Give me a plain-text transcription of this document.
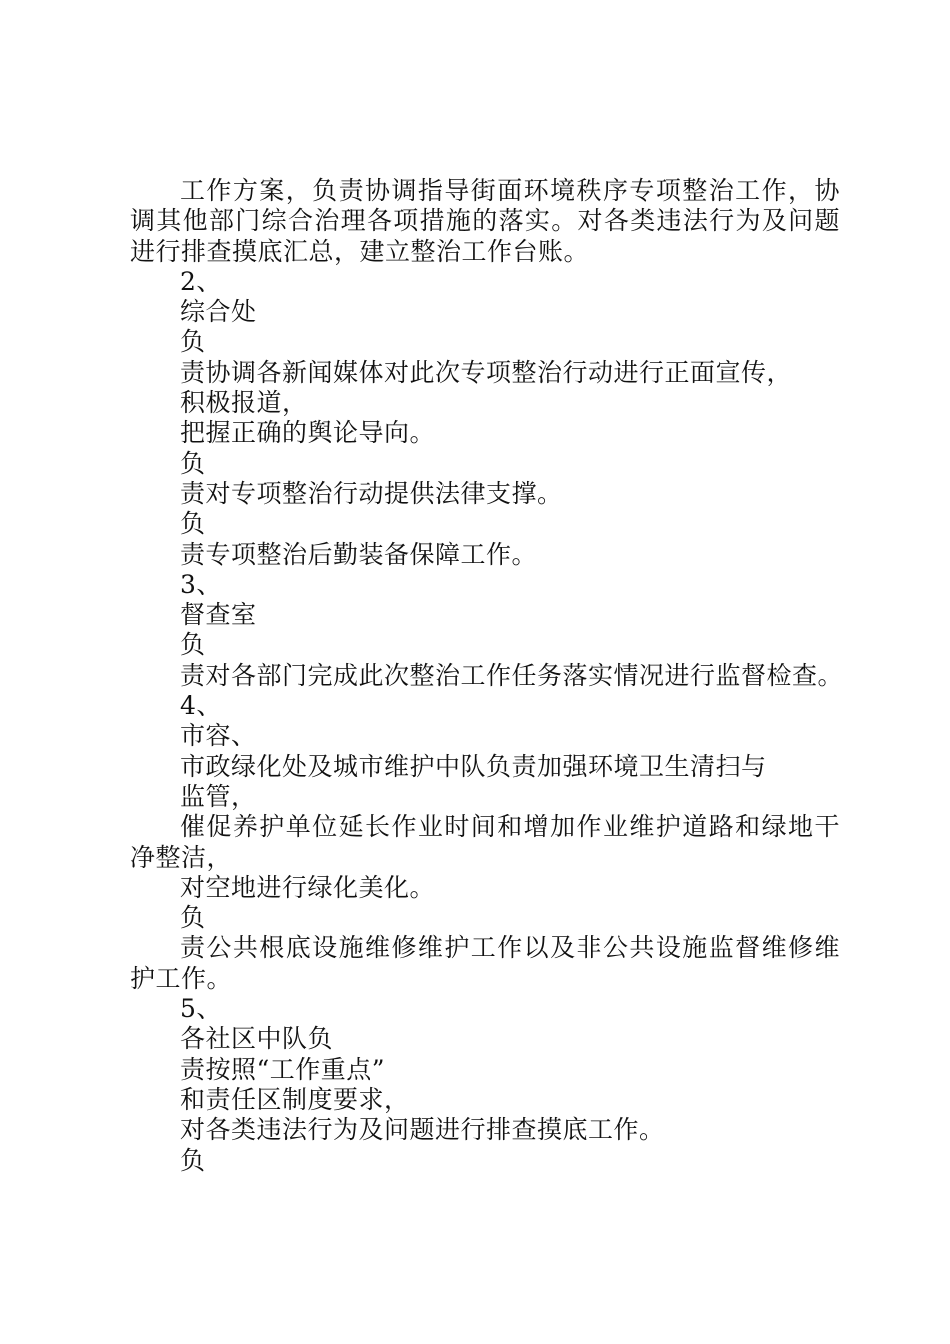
工作方案，负责协调指导街面环境秩序专项整治工作，协调其他部门综合治理各项措施的落实。对各类违法行为及问题进行排查摸底汇总，建立整治工作台账。

2、

综合处

负

责协调各新闻媒体对此次专项整治行动进行正面宣传，

积极报道，

把握正确的舆论导向。

负

责对专项整治行动提供法律支撑。

负

责专项整治后勤装备保障工作。

3、

督查室

负

责对各部门完成此次整治工作任务落实情况进行监督检查。

4、

市容、

市政绿化处及城市维护中队负责加强环境卫生清扫与

监管，

催促养护单位延长作业时间和增加作业维护道路和绿地干净整洁，

对空地进行绿化美化。

负

责公共根底设施维修维护工作以及非公共设施监督维修维护工作。

5、

各社区中队负

责按照“工作重点”

和责任区制度要求，

对各类违法行为及问题进行排查摸底工作。

负
